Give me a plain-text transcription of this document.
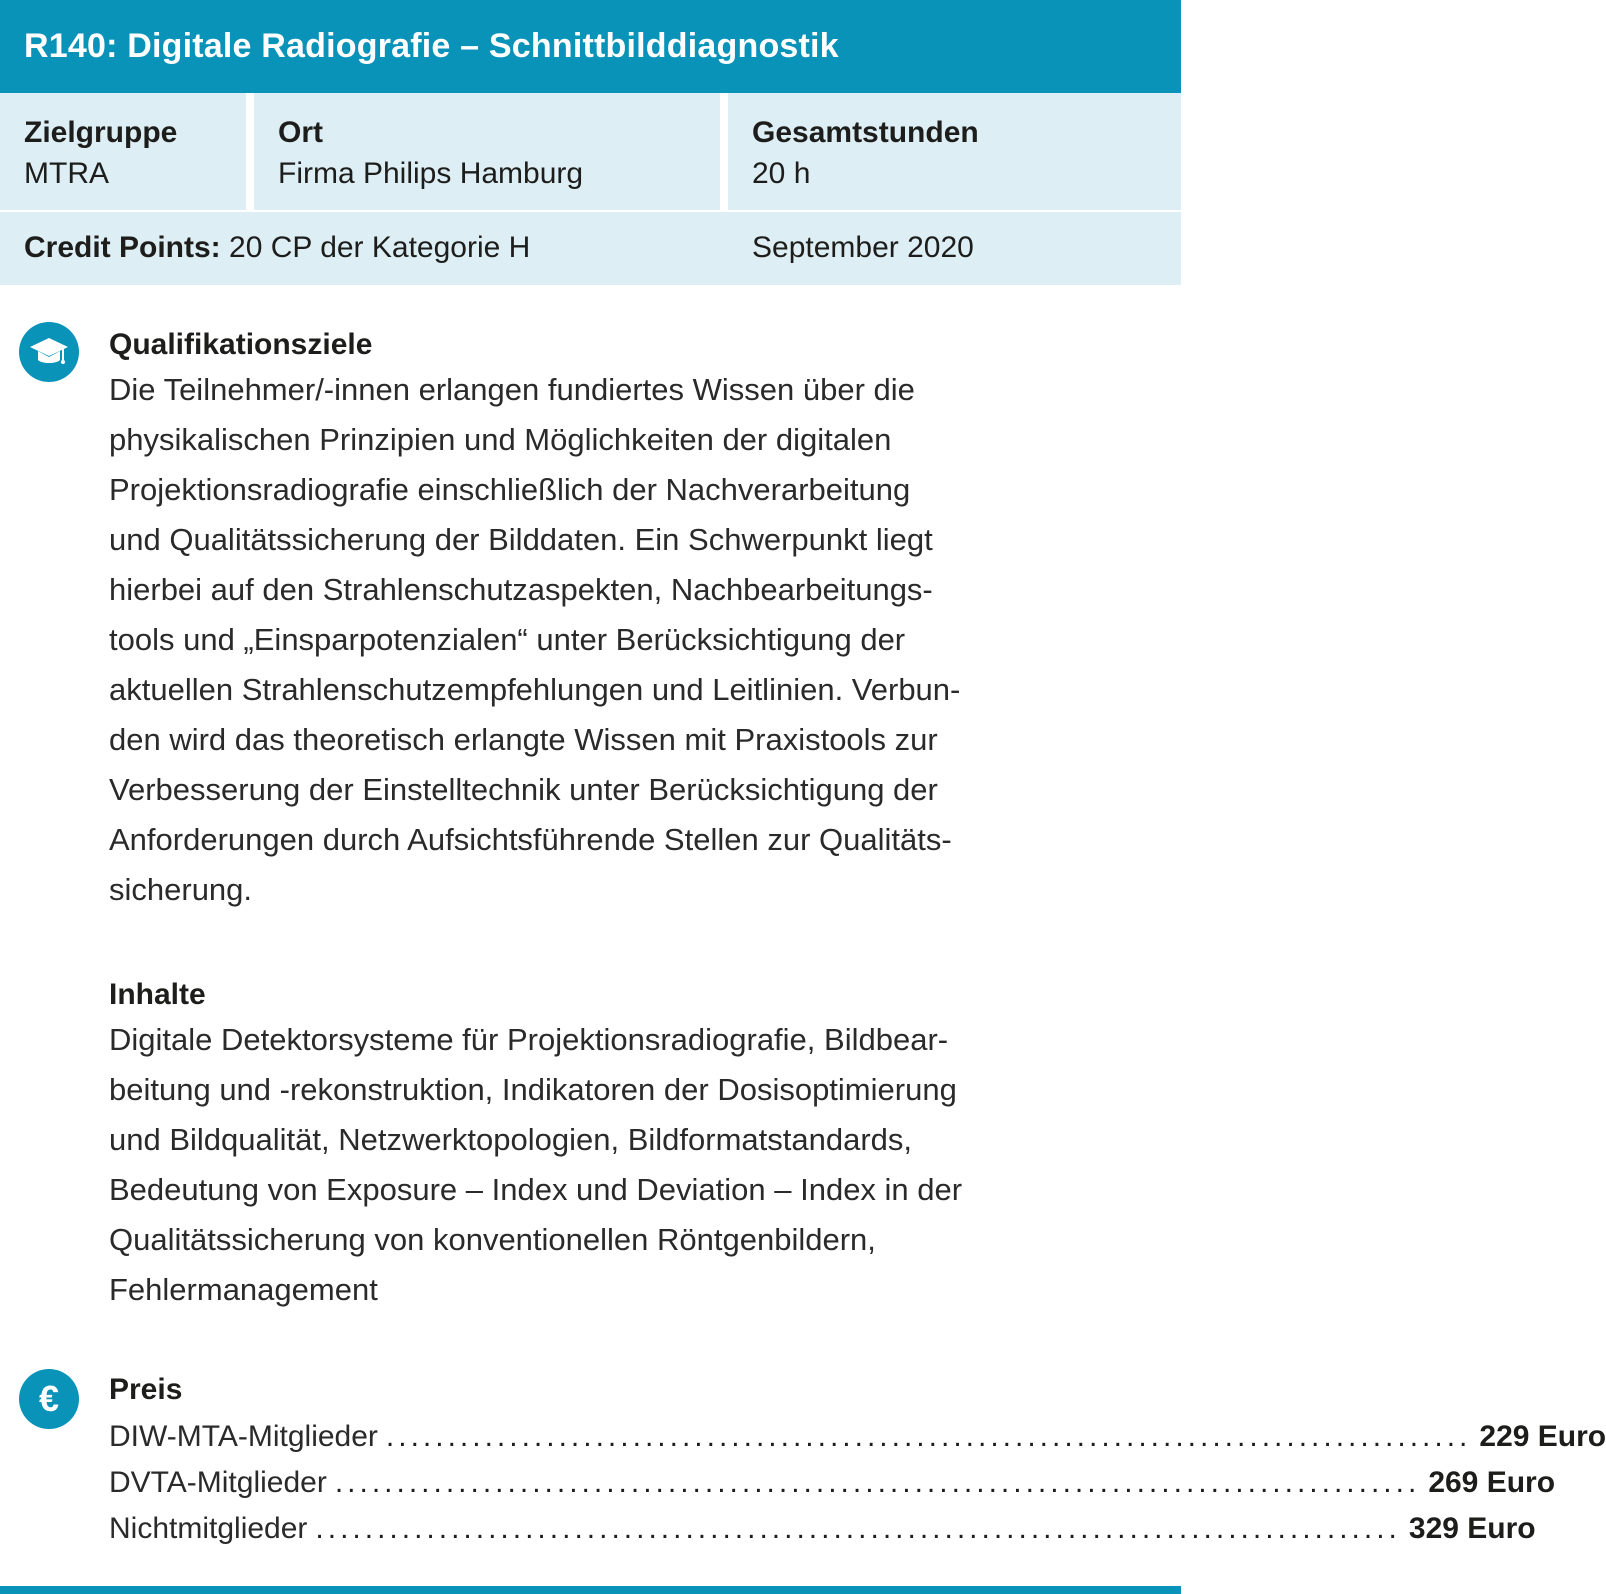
R140: Digitale Radiografie – Schnittbilddiagnostik
Zielgruppe
MTRA
Ort
Firma Philips Hamburg
Gesamtstunden
20 h
Credit Points: 20 CP der Kategorie H	September 2020
Qualifikationsziele
Die Teilnehmer/-innen erlangen fundiertes Wissen über die
physikalischen Prinzipien und Möglichkeiten der digitalen
Projektionsradiografie einschließlich der Nachverarbeitung
und Qualitätssicherung der Bilddaten. Ein Schwerpunkt liegt
hierbei auf den Strahlenschutzaspekten, Nachbearbeitungs-
tools und „Einsparpotenzialen“ unter Berücksichtigung der
aktuellen Strahlenschutzempfehlungen und Leitlinien. Verbun-
den wird das theoretisch erlangte Wissen mit Praxistools zur
Verbesserung der Einstelltechnik unter Berücksichtigung der
Anforderungen durch Aufsichtsführende Stellen zur Qualitäts-
sicherung.
Inhalte
Digitale Detektorsysteme für Projektionsradiografie, Bildbear-
beitung und -rekonstruktion, Indikatoren der Dosisoptimierung
und Bildqualität, Netzwerktopologien, Bildformatstandards,
Bedeutung von Exposure – Index und Deviation – Index in der
Qualitätssicherung von konventionellen Röntgenbildern,
Fehlermanagement
€ Preis
DIW-MTA-Mitglieder ........................................................................................ 229 Euro
DVTA-Mitglieder ........................................................................................ 269 Euro
Nichtmitglieder ........................................................................................ 329 Euro
